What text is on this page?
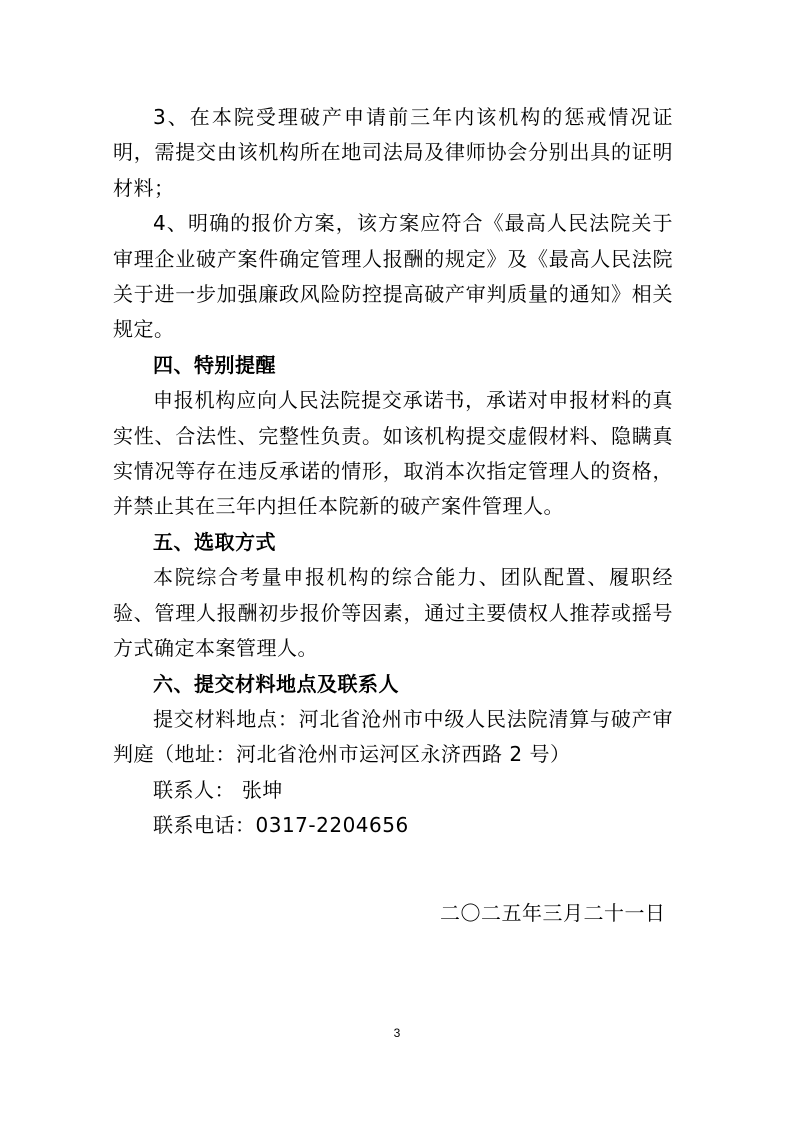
3、在本院受理破产申请前三年内该机构的惩戒情况证明，需提交由该机构所在地司法局及律师协会分别出具的证明材料；

4、明确的报价方案，该方案应符合《最高人民法院关于审理企业破产案件确定管理人报酬的规定》及《最高人民法院关于进一步加强廉政风险防控提高破产审判质量的通知》相关规定。

四、特别提醒

申报机构应向人民法院提交承诺书，承诺对申报材料的真实性、合法性、完整性负责。如该机构提交虚假材料、隐瞒真实情况等存在违反承诺的情形，取消本次指定管理人的资格，并禁止其在三年内担任本院新的破产案件管理人。

五、选取方式

本院综合考量申报机构的综合能力、团队配置、履职经验、管理人报酬初步报价等因素，通过主要债权人推荐或摇号方式确定本案管理人。

六、提交材料地点及联系人

提交材料地点：河北省沧州市中级人民法院清算与破产审判庭（地址：河北省沧州市运河区永济西路 2 号）

联系人： 张坤

联系电话：0317-2204656

二〇二五年三月二十一日
3
